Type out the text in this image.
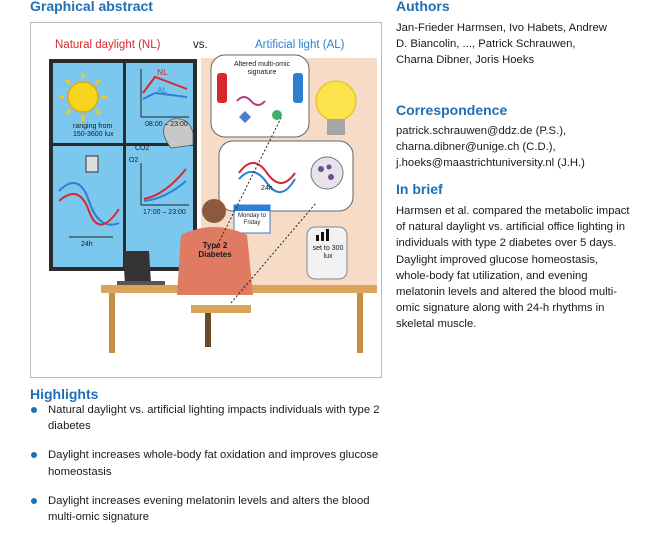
Graphical abstract
Natural daylight (NL)	vs.	Artificial light (AL)
NL
AL
08:00 – 23:00
ranging from 150-3600 lux
CO2
O2
24h
17:00 – 23:00
Altered multi-omic signature
24h
Monday to Friday
Type 2 Diabetes
set to 300 lux
Highlights
Natural daylight vs. artificial lighting impacts individuals with type 2 diabetes
Daylight increases whole-body fat oxidation and improves glucose homeostasis
Daylight increases evening melatonin levels and alters the blood multi-omic signature
Authors
Jan-Frieder Harmsen, Ivo Habets, Andrew D. Biancolin, ..., Patrick Schrauwen, Charna Dibner, Joris Hoeks
Correspondence
patrick.schrauwen@ddz.de (P.S.),
charna.dibner@unige.ch (C.D.),
j.hoeks@maastrichtuniversity.nl (J.H.)
In brief
Harmsen et al. compared the metabolic impact of natural daylight vs. artificial office lighting in individuals with type 2 diabetes over 5 days. Daylight improved glucose homeostasis, whole-body fat utilization, and evening melatonin levels and altered the blood multi-omic signature along with 24-h rhythms in skeletal muscle.
